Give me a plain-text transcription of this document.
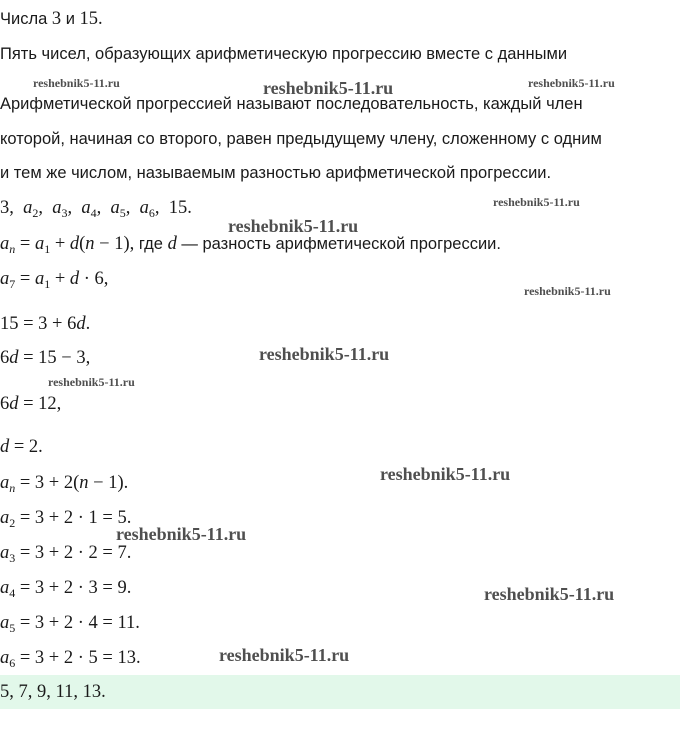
Числа 3 и 15.
Пять чисел, образующих арифметическую прогрессию вместе с данными
Арифметической прогрессией называют последовательность, каждый член
которой, начиная со второго, равен предыдущему члену, сложенному с одним
и тем же числом, называемым разностью арифметической прогрессии.
3,  $a_2$,  $a_3$,  $a_4$,  $a_5$,  $a_6$,  15.
$a_n = a_1 + d(n - 1)$, где d — разность арифметической прогрессии.
$a_7 = a_1 + d \cdot 6$,
15 = 3 + 6d.
6d = 15 − 3,
6d = 12,
d = 2.
$a_n = 3 + 2(n - 1)$.
$a_2 = 3 + 2 \cdot 1 = 5$.
$a_3 = 3 + 2 \cdot 2 = 7$.
$a_4 = 3 + 2 \cdot 3 = 9$.
$a_5 = 3 + 2 \cdot 4 = 11$.
$a_6 = 3 + 2 \cdot 5 = 13$.
5, 7, 9, 11, 13.
reshebnik5-11.ru	reshebnik5-11.ru	reshebnik5-11.ru
reshebnik5-11.ru
reshebnik5-11.ru
reshebnik5-11.ru
reshebnik5-11.ru
reshebnik5-11.ru
reshebnik5-11.ru
reshebnik5-11.ru
reshebnik5-11.ru
reshebnik5-11.ru
